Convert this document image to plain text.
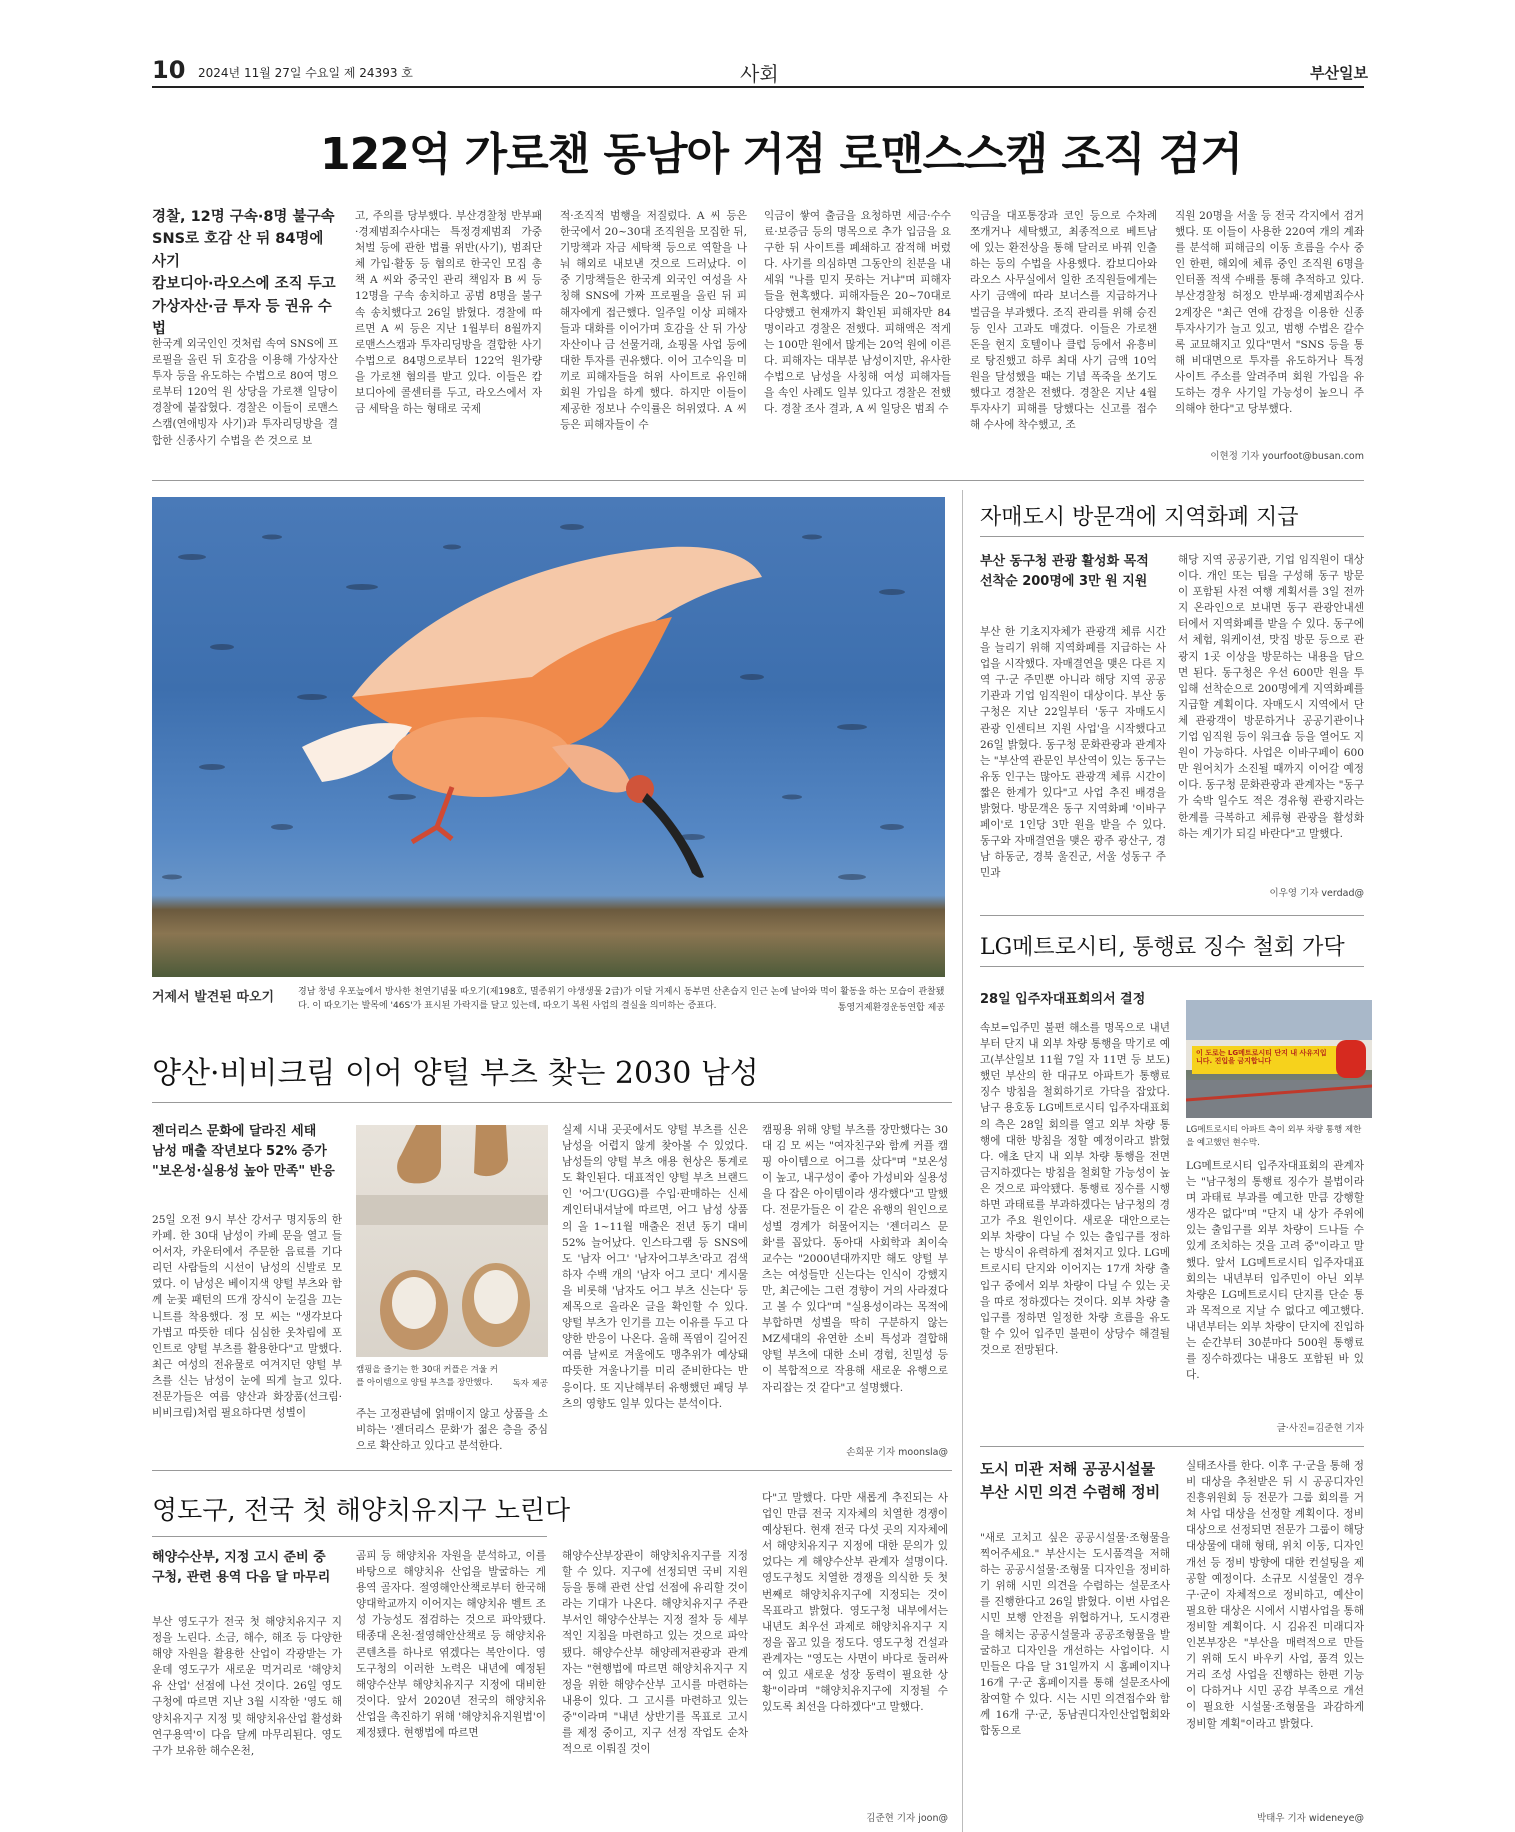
10 2024년 11월 27일 수요일 제 24393 호	사회	부산일보
122억 가로챈 동남아 거점 로맨스스캠 조직 검거
경찰, 12명 구속·8명 불구속
SNS로 호감 산 뒤 84명에 사기
캄보디아·라오스에 조직 두고
가상자산·금 투자 등 권유 수법
한국계 외국인인 것처럼 속여 SNS에 프로필을 올린 뒤 호감을 이용해 가상자산 투자 등을 유도하는 수법으로 80여 명으로부터 120억 원 상당을 가로챈 일당이 경찰에 붙잡혔다. 경찰은 이들이 로맨스스캠(연애빙자 사기)과 투자리딩방을 결합한 신종사기 수법을 쓴 것으로 보
고, 주의를 당부했다. 부산경찰청 반부패·경제범죄수사대는 특정경제범죄 가중 처벌 등에 관한 법률 위반(사기), 범죄단체 가입·활동 등 혐의로 한국인 모집 총책 A 씨와 중국인 관리 책임자 B 씨 등 12명을 구속 송치하고 공범 8명을 불구속 송치했다고 26일 밝혔다. 경찰에 따르면 A 씨 등은 지난 1월부터 8월까지 로맨스스캠과 투자리딩방을 결합한 사기 수법으로 84명으로부터 122억 원가량을 가로챈 혐의를 받고 있다. 이들은 캄보디아에 콜센터를 두고, 라오스에서 자금 세탁을 하는 형태로 국제
적·조직적 범행을 저질렀다. A 씨 등은 한국에서 20~30대 조직원을 모집한 뒤, 기망책과 자금 세탁책 등으로 역할을 나눠 해외로 내보낸 것으로 드러났다. 이 중 기망책들은 한국계 외국인 여성을 사칭해 SNS에 가짜 프로필을 올린 뒤 피해자에게 접근했다. 일주일 이상 피해자들과 대화를 이어가며 호감을 산 뒤 가상자산이나 금 선물거래, 쇼핑몰 사업 등에 대한 투자를 권유했다. 이어 고수익을 미끼로 피해자들을 허위 사이트로 유인해 회원 가입을 하게 했다. 하지만 이들이 제공한 정보나 수익률은 허위였다. A 씨 등은 피해자들이 수
익금이 쌓여 출금을 요청하면 세금·수수료·보증금 등의 명목으로 추가 입금을 요구한 뒤 사이트를 폐쇄하고 잠적해 버렸다. 사기를 의심하면 그동안의 친분을 내세워 "나를 믿지 못하는 거냐"며 피해자들을 현혹했다. 피해자들은 20~70대로 다양했고 현재까지 확인된 피해자만 84명이라고 경찰은 전했다. 피해액은 적게는 100만 원에서 많게는 20억 원에 이른다. 피해자는 대부분 남성이지만, 유사한 수법으로 남성을 사칭해 여성 피해자들을 속인 사례도 일부 있다고 경찰은 전했다. 경찰 조사 결과, A 씨 일당은 범죄 수
익금을 대포통장과 코인 등으로 수차례 쪼개거나 세탁했고, 최종적으로 베트남에 있는 환전상을 통해 달러로 바꿔 인출하는 등의 수법을 사용했다. 캄보디아와 라오스 사무실에서 일한 조직원들에게는 사기 금액에 따라 보너스를 지급하거나 벌금을 부과했다. 조직 관리를 위해 승진 등 인사 고과도 매겼다. 이들은 가로챈 돈을 현지 호텔이나 클럽 등에서 유흥비로 탕진했고 하루 최대 사기 금액 10억 원을 달성했을 때는 기념 폭죽을 쏘기도 했다고 경찰은 전했다. 경찰은 지난 4월 투자사기 피해를 당했다는 신고를 접수해 수사에 착수했고, 조
직원 20명을 서울 등 전국 각지에서 검거했다. 또 이들이 사용한 220여 개의 계좌를 분석해 피해금의 이동 흐름을 수사 중인 한편, 해외에 체류 중인 조직원 6명을 인터폴 적색 수배를 통해 추적하고 있다. 부산경찰청 허정오 반부패·경제범죄수사2계장은 "최근 연애 감정을 이용한 신종 투자사기가 늘고 있고, 범행 수법은 갈수록 교묘해지고 있다"면서 "SNS 등을 통해 비대면으로 투자를 유도하거나 특정 사이트 주소를 알려주며 회원 가입을 유도하는 경우 사기일 가능성이 높으니 주의해야 한다"고 당부했다.
이현정 기자 yourfoot@busan.com
거제서 발견된 따오기	경남 창녕 우포늪에서 방사한 천연기념물 따오기(제198호, 멸종위기 야생생물 2급)가 이달 거제시 동부면 산촌습지 인근 논에 날아와 먹이 활동을 하는 모습이 관찰됐다. 이 따오기는 발목에 '46S'가 표시된 가락지를 달고 있는데, 따오기 복원 사업의 결실을 의미하는 증표다.	통영거제환경운동연합 제공
자매도시 방문객에 지역화폐 지급
부산 동구청 관광 활성화 목적
선착순 200명에 3만 원 지원
부산 한 기초지자체가 관광객 체류 시간을 늘리기 위해 지역화폐를 지급하는 사업을 시작했다. 자매결연을 맺은 다른 지역 구·군 주민뿐 아니라 해당 지역 공공기관과 기업 임직원이 대상이다. 부산 동구청은 지난 22일부터 '동구 자매도시 관광 인센티브 지원 사업'을 시작했다고 26일 밝혔다. 동구청 문화관광과 관계자는 "부산역 관문인 부산역이 있는 동구는 유동 인구는 많아도 관광객 체류 시간이 짧은 한계가 있다"고 사업 추진 배경을 밝혔다. 방문객은 동구 지역화폐 '이바구페이'로 1인당 3만 원을 받을 수 있다. 동구와 자매결연을 맺은 광주 광산구, 경남 하동군, 경북 울진군, 서울 성동구 주민과
해당 지역 공공기관, 기업 임직원이 대상이다. 개인 또는 팀을 구성해 동구 방문이 포함된 사전 여행 계획서를 3일 전까지 온라인으로 보내면 동구 관광안내센터에서 지역화폐를 받을 수 있다. 동구에서 체험, 워케이션, 맛집 방문 등으로 관광지 1곳 이상을 방문하는 내용을 담으면 된다. 동구청은 우선 600만 원을 투입해 선착순으로 200명에게 지역화폐를 지급할 계획이다. 자매도시 지역에서 단체 관광객이 방문하거나 공공기관이나 기업 임직원 등이 워크숍 등을 열어도 지원이 가능하다. 사업은 이바구페이 600만 원어치가 소진될 때까지 이어갈 예정이다. 동구청 문화관광과 관계자는 "동구가 숙박 일수도 적은 경유형 관광지라는 한계를 극복하고 체류형 관광을 활성화하는 계기가 되길 바란다"고 말했다.
이우영 기자 verdad@
LG메트로시티, 통행료 징수 철회 가닥
28일 입주자대표회의서 결정
이 도로는 LG메트로시티 단지 내 사유지입니다. 진입을 금지합니다
LG메트로시티 아파트 측이 외부 차량 통행 제한을 예고했던 현수막.
속보=입주민 불편 해소를 명목으로 내년부터 단지 내 외부 차량 통행을 막기로 예고(부산일보 11월 7일 자 11면 등 보도)했던 부산의 한 대규모 아파트가 통행료 징수 방침을 철회하기로 가닥을 잡았다. 남구 용호동 LG메트로시티 입주자대표회의 측은 28일 회의를 열고 외부 차량 통행에 대한 방침을 정할 예정이라고 밝혔다. 애초 단지 내 외부 차량 통행을 전면 금지하겠다는 방침을 철회할 가능성이 높은 것으로 파악됐다. 통행료 징수를 시행하면 과태료를 부과하겠다는 남구청의 경고가 주요 원인이다. 새로운 대안으로는 외부 차량이 다닐 수 있는 출입구를 정하는 방식이 유력하게 점쳐지고 있다. LG메트로시티 단지와 이어지는 17개 차량 출입구 중에서 외부 차량이 다닐 수 있는 곳을 따로 정하겠다는 것이다. 외부 차량 출입구를 정하면 일정한 차량 흐름을 유도할 수 있어 입주민 불편이 상당수 해결될 것으로 전망된다.
LG메트로시티 입주자대표회의 관계자는 "남구청의 통행료 징수가 불법이라며 과태료 부과를 예고한 만큼 강행할 생각은 없다"며 "단지 내 상가 주위에 있는 출입구를 외부 차량이 드나들 수 있게 조치하는 것을 고려 중"이라고 말했다. 앞서 LG메트로시티 입주자대표회의는 내년부터 입주민이 아닌 외부 차량은 LG메트로시티 단지를 단순 통과 목적으로 지날 수 없다고 예고했다. 내년부터는 외부 차량이 단지에 진입하는 순간부터 30분마다 500원 통행료를 징수하겠다는 내용도 포함된 바 있다.
글·사진=김준현 기자
양산·비비크림 이어 양털 부츠 찾는 2030 남성
젠더리스 문화에 달라진 세태
남성 매출 작년보다 52% 증가
"보온성·실용성 높아 만족" 반응
25일 오전 9시 부산 강서구 명지동의 한 카페. 한 30대 남성이 카페 문을 열고 들어서자, 카운터에서 주문한 음료를 기다리던 사람들의 시선이 남성의 신발로 모였다. 이 남성은 베이지색 양털 부츠와 함께 눈꽃 패턴의 뜨개 장식이 눈길을 끄는 니트를 착용했다. 정 모 씨는 "생각보다 가볍고 따뜻한 데다 심심한 옷차림에 포인트로 양털 부츠를 활용한다"고 말했다. 최근 여성의 전유물로 여겨지던 양털 부츠를 신는 남성이 눈에 띄게 늘고 있다. 전문가들은 여름 양산과 화장품(선크림·비비크림)처럼 필요하다면 성별이
캠핑을 즐기는 한 30대 커플은 겨울 커플 아이템으로 양털 부츠를 장만했다.	독자 제공
주는 고정관념에 얽매이지 않고 상품을 소비하는 '젠더리스 문화'가 젊은 층을 중심으로 확산하고 있다고 분석한다.
실제 시내 곳곳에서도 양털 부츠를 신은 남성을 어렵지 않게 찾아볼 수 있었다. 남성들의 양털 부츠 애용 현상은 통계로도 확인된다. 대표적인 양털 부츠 브랜드인 '어그'(UGG)를 수입·판매하는 신세계인터내셔날에 따르면, 어그 남성 상품의 올 1~11월 매출은 전년 동기 대비 52% 늘어났다. 인스타그램 등 SNS에도 '남자 어그' '남자어그부츠'라고 검색하자 수백 개의 '남자 어그 코디' 게시물을 비롯해 '남자도 어그 부츠 신는다' 등 제목으로 올라온 글을 확인할 수 있다. 양털 부츠가 인기를 끄는 이유를 두고 다양한 반응이 나온다. 올해 폭염이 길어진 여름 날씨로 겨울에도 맹추위가 예상돼 따뜻한 겨울나기를 미리 준비한다는 반응이다. 또 지난해부터 유행했던 패딩 부츠의 영향도 일부 있다는 분석이다.
캠핑용 위해 양털 부츠를 장만했다는 30대 김 모 씨는 "여자친구와 함께 커플 캠핑 아이템으로 어그를 샀다"며 "보온성이 높고, 내구성이 좋아 가성비와 실용성을 다 잡은 아이템이라 생각했다"고 말했다. 전문가들은 이 같은 유행의 원인으로 성별 경계가 허물어지는 '젠더리스 문화'를 꼽았다. 동아대 사회학과 최이숙 교수는 "2000년대까지만 해도 양털 부츠는 여성들만 신는다는 인식이 강했지만, 최근에는 그런 경향이 거의 사라졌다고 볼 수 있다"며 "실용성이라는 목적에 부합하면 성별을 딱히 구분하지 않는 MZ세대의 유연한 소비 특성과 결합해 양털 부츠에 대한 소비 경험, 친밀성 등이 복합적으로 작용해 새로운 유행으로 자리잡는 것 같다"고 설명했다.
손희문 기자 moonsla@
영도구, 전국 첫 해양치유지구 노린다
해양수산부, 지정 고시 준비 중
구청, 관련 용역 다음 달 마무리
부산 영도구가 전국 첫 해양치유지구 지정을 노린다. 소금, 해수, 해조 등 다양한 해양 자원을 활용한 산업이 각광받는 가운데 영도구가 새로운 먹거리로 '해양치유 산업' 선점에 나선 것이다. 26일 영도구청에 따르면 지난 3월 시작한 '영도 해양치유지구 지정 및 해양치유산업 활성화 연구용역'이 다음 달께 마무리된다. 영도구가 보유한 해수온천,
곰피 등 해양치유 자원을 분석하고, 이를 바탕으로 해양치유 산업을 발굴하는 게 용역 골자다. 절영해안산책로부터 한국해양대학교까지 이어지는 해양치유 벨트 조성 가능성도 점검하는 것으로 파악됐다. 태종대 온천·절영해안산책로 등 해양치유 콘텐츠를 하나로 엮겠다는 복안이다. 영도구청의 이러한 노력은 내년에 예정된 해양수산부 해양치유지구 지정에 대비한 것이다. 앞서 2020년 전국의 해양치유 산업을 촉진하기 위해 '해양치유지원법'이 제정됐다. 현행법에 따르면
해양수산부장관이 해양치유지구를 지정할 수 있다. 지구에 선정되면 국비 지원 등을 통해 관련 산업 선점에 유리할 것이라는 기대가 나온다. 해양치유지구 주관 부서인 해양수산부는 지정 절차 등 세부적인 지침을 마련하고 있는 것으로 파악됐다. 해양수산부 해양레저관광과 관계자는 "현행법에 따르면 해양치유지구 지정을 위한 해양수산부 고시를 마련하는 내용이 있다. 그 고시를 마련하고 있는 중"이라며 "내년 상반기를 목표로 고시를 제정 중이고, 지구 선정 작업도 순차적으로 이뤄질 것이
다"고 말했다. 다만 새롭게 추진되는 사업인 만큼 전국 지자체의 치열한 경쟁이 예상된다. 현재 전국 다섯 곳의 지자체에서 해양치유지구 지정에 대한 문의가 있었다는 게 해양수산부 관계자 설명이다. 영도구청도 치열한 경쟁을 의식한 듯 첫 번째로 해양치유지구에 지정되는 것이 목표라고 밝혔다. 영도구청 내부에서는 내년도 최우선 과제로 해양치유지구 지정을 꼽고 있을 정도다. 영도구청 건설과 관계자는 "영도는 사면이 바다로 둘러싸여 있고 새로운 성장 동력이 필요한 상황"이라며 "해양치유지구에 지정될 수 있도록 최선을 다하겠다"고 말했다.
김준현 기자 joon@
도시 미관 저해 공공시설물
부산 시민 의견 수렴해 정비
"새로 고치고 싶은 공공시설물·조형물을 찍어주세요." 부산시는 도시품격을 저해하는 공공시설물·조형물 디자인을 정비하기 위해 시민 의견을 수렴하는 설문조사를 진행한다고 26일 밝혔다. 이번 사업은 시민 보행 안전을 위협하거나, 도시경관을 해치는 공공시설물과 공공조형물을 발굴하고 디자인을 개선하는 사업이다. 시민들은 다음 달 31일까지 시 홈페이지나 16개 구·군 홈페이지를 통해 설문조사에 참여할 수 있다. 시는 시민 의견접수와 함께 16개 구·군, 동남권디자인산업협회와 합동으로
실태조사를 한다. 이후 구·군을 통해 정비 대상을 추천받은 뒤 시 공공디자인진흥위원회 등 전문가 그룹 회의를 거쳐 사업 대상을 선정할 계획이다. 정비 대상으로 선정되면 전문가 그룹이 해당 대상물에 대해 형태, 위치 이동, 디자인 개선 등 정비 방향에 대한 컨설팅을 제공할 예정이다. 소규모 시설물인 경우 구·군이 자체적으로 정비하고, 예산이 필요한 대상은 시에서 시범사업을 통해 정비할 계획이다. 시 김유진 미래디자인본부장은 "부산을 매력적으로 만들기 위해 도시 바우키 사업, 품격 있는 거리 조성 사업을 진행하는 한편 기능이 다하거나 시민 공감 부족으로 개선이 필요한 시설물·조형물을 과감하게 정비할 계획"이라고 밝혔다.
박태우 기자 wideneye@
